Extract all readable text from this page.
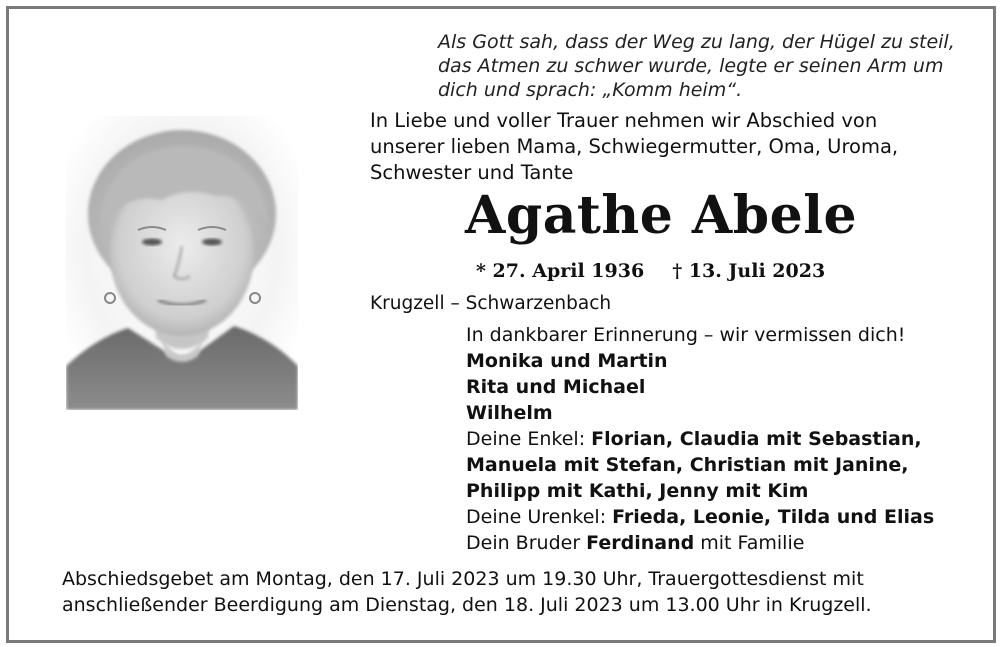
Als Gott sah, dass der Weg zu lang, der Hügel zu steil,
das Atmen zu schwer wurde, legte er seinen Arm um
dich und sprach: „Komm heim“.
In Liebe und voller Trauer nehmen wir Abschied von
unserer lieben Mama, Schwiegermutter, Oma, Uroma,
Schwester und Tante
Agathe Abele
* 27. April 1936 † 13. Juli 2023
Krugzell – Schwarzenbach
In dankbarer Erinnerung – wir vermissen dich!
Monika und Martin
Rita und Michael
Wilhelm
Deine Enkel: Florian, Claudia mit Sebastian,
Manuela mit Stefan, Christian mit Janine,
Philipp mit Kathi, Jenny mit Kim
Deine Urenkel: Frieda, Leonie, Tilda und Elias
Dein Bruder Ferdinand mit Familie
Abschiedsgebet am Montag, den 17. Juli 2023 um 19.30 Uhr, Trauergottesdienst mit
anschließender Beerdigung am Dienstag, den 18. Juli 2023 um 13.00 Uhr in Krugzell.
